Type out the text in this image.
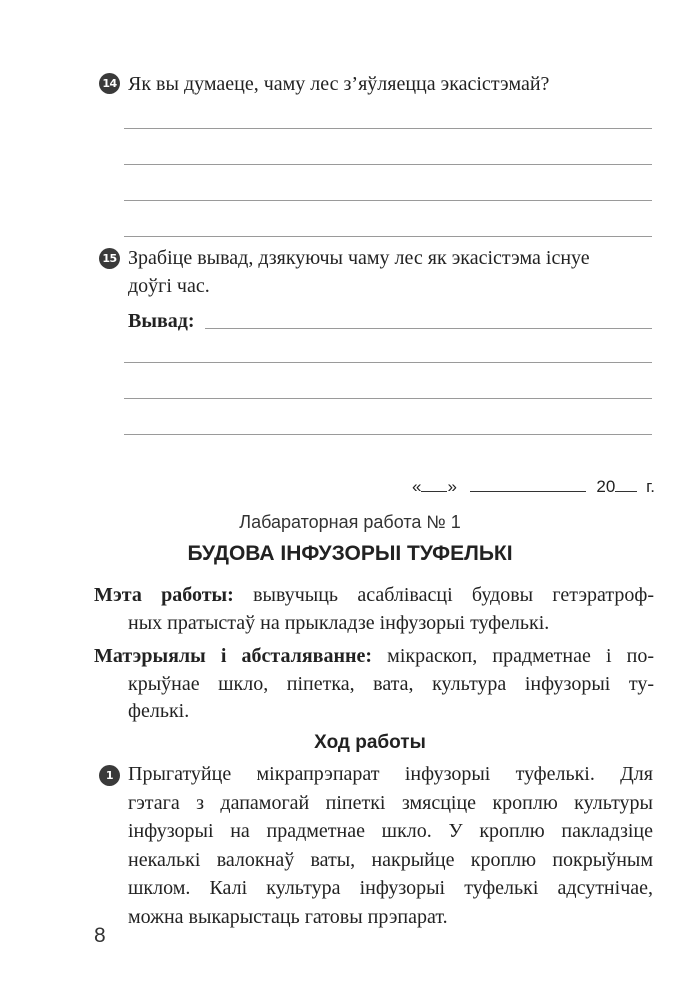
14 Як вы думаеце, чаму лес з’яўляецца экасістэмай?
15 Зрабіце вывад, дзякуючы чаму лес як экасістэма існуе
доўгі час.
Вывад:
« »	20 г.
Лабараторная работа № 1
БУДОВА ІНФУЗОРЫІ ТУФЕЛЬКІ
Мэта работы: вывучыць асаблівасці будовы гетэратроф-
ных пратыстаў на прыкладзе інфузорыі туфелькі.
Матэрыялы і абсталяванне: мікраскоп, прадметнае і по-
крыўнае шкло, піпетка, вата, культура інфузорыі ту-
фелькі.
Ход работы
1 Прыгатуйце мікрапрэпарат інфузорыі туфелькі. Для
гэтага з дапамогай піпеткі змясціце кроплю культуры
інфузорыі на прадметнае шкло. У кроплю пакладзіце
некалькі валокнаў ваты, накрыйце кроплю покрыўным
шклом. Калі культура інфузорыі туфелькі адсутнічае,
можна выкарыстаць гатовы прэпарат.
8
